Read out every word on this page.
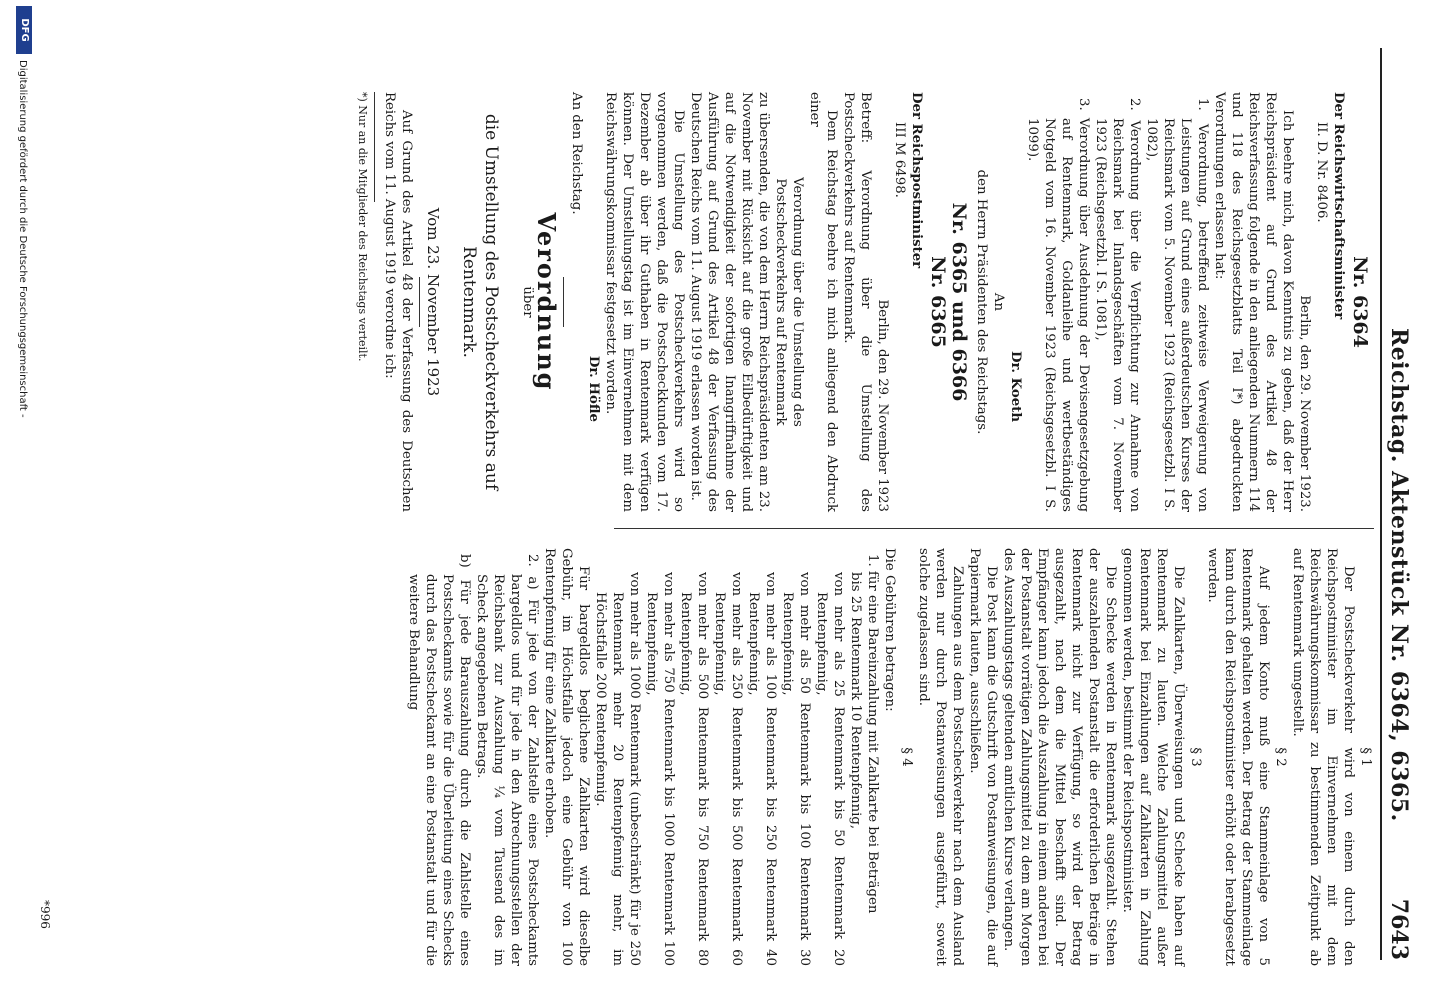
Reichstag. Aktenstück Nr. 6364, 6365.
7643

Nr. 6364

Der Reichswirtschaftsminister

II. D. Nr. 8406.

Berlin, den 29. November 1923.

Ich beehre mich, davon Kenntnis zu geben, daß der Herr Reichspräsident auf Grund des Artikel 48 der Reichsverfassung folgende in den anliegenden Nummern 114 und 118 des Reichsgesetzblatts Teil I*) abgedruckten Verordnungen erlassen hat:

1. Verordnung, betreffend zeitweise Verweigerung von Leistungen auf Grund eines außerdeutschen Kurses der Reichsmark vom 5. November 1923 (Reichsgesetzbl. I S. 1082),

2. Verordnung über die Verpflichtung zur Annahme von Reichsmark bei Inlandsgeschäften vom 7. November 1923 (Reichsgesetzbl. I S. 1081),

3. Verordnung über Ausdehnung der Devisengesetzgebung auf Rentenmark, Goldanleihe und wertbeständiges Notgeld vom 16. November 1923 (Reichsgesetzbl. I S. 1099).

Dr. Koeth

An

den Herrn Präsidenten des Reichstags.

Nr. 6365 und 6366

Nr. 6365

Der Reichspostminister

III M 6498.

Berlin, den 29. November 1923

Betreff: Verordnung über die Umstellung des Postscheckverkehrs auf Rentenmark.

Dem Reichstag beehre ich mich anliegend den Abdruck einer

Verordnung über die Umstellung des Postscheckverkehrs auf Rentenmark

zu übersenden, die von dem Herrn Reichspräsidenten am 23. November mit Rücksicht auf die große Eilbedürftigkeit und auf die Notwendigkeit der sofortigen Inangriffnahme der Ausführung auf Grund des Artikel 48 der Verfassung des Deutschen Reichs vom 11. August 1919 erlassen worden ist.

Die Umstellung des Postscheckverkehrs wird so vorgenommen werden, daß die Postscheckkunden vom 17. Dezember ab über ihr Guthaben in Rentenmark verfügen können. Der Umstellungstag ist im Einvernehmen mit dem Reichswährungskommissar festgesetzt worden.

Dr. Höfle

An den Reichstag.

Verordnung

über

die Umstellung des Postscheckverkehrs auf Rentenmark.

Vom 23. November 1923

Auf Grund des Artikel 48 der Verfassung des Deutschen Reichs vom 11. August 1919 verordne ich:

*) Nur an die Mitglieder des Reichstags verteilt.

§ 1

Der Postscheckverkehr wird von einem durch den Reichspostminister im Einvernehmen mit dem Reichswährungskommissar zu bestimmenden Zeitpunkt ab auf Rentenmark umgestellt.

§ 2

Auf jedem Konto muß eine Stammeinlage von 5 Rentenmark gehalten werden. Der Betrag der Stammeinlage kann durch den Reichspostminister erhöht oder herabgesetzt werden.

§ 3

Die Zahlkarten, Überweisungen und Schecke haben auf Rentenmark zu lauten. Welche Zahlungsmittel außer Rentenmark bei Einzahlungen auf Zahlkarten in Zahlung genommen werden, bestimmt der Reichspostminister.

Die Schecke werden in Rentenmark ausgezahlt. Stehen der auszahlenden Postanstalt die erforderlichen Beträge in Rentenmark nicht zur Verfügung, so wird der Betrag ausgezahlt, nach dem die Mittel beschafft sind. Der Empfänger kann jedoch die Auszahlung in einem anderen bei der Postanstalt vorrätigen Zahlungsmittel zu dem am Morgen des Auszahlungstags geltenden amtlichen Kurse verlangen.

Die Post kann die Gutschrift von Postanweisungen, die auf Papiermark lauten, ausschließen.

Zahlungen aus dem Postscheckverkehr nach dem Ausland werden nur durch Postanweisungen ausgeführt, soweit solche zugelassen sind.

§ 4

Die Gebühren betragen:

1. für eine Bareinzahlung mit Zahlkarte bei Beträgen

bis 25 Rentenmark 10 Rentenpfennig,

von mehr als 25 Rentenmark bis 50 Rentenmark 20 Rentenpfennig,

von mehr als 50 Rentenmark bis 100 Rentenmark 30 Rentenpfennig,

von mehr als 100 Rentenmark bis 250 Rentenmark 40 Rentenpfennig,

von mehr als 250 Rentenmark bis 500 Rentenmark 60 Rentenpfennig,

von mehr als 500 Rentenmark bis 750 Rentenmark 80 Rentenpfennig,

von mehr als 750 Rentenmark bis 1000 Rentenmark 100 Rentenpfennig,

von mehr als 1000 Rentenmark (unbeschränkt) für je 250 Rentenmark mehr 20 Rentenpfennig mehr, im Höchstfalle 200 Rentenpfennig.

Für bargeldlos beglichene Zahlkarten wird dieselbe Gebühr, im Höchstfalle jedoch eine Gebühr von 100 Rentenpfennig für eine Zahlkarte erhoben.

2. a) Für jede von der Zahlstelle eines Postscheckamts bargeldlos und für jede in den Abrechnungsstellen der Reichsbank zur Auszahlung ¼ vom Tausend des im Scheck angegebenen Betrags.

b) Für jede Barauszahlung durch die Zahlstelle eines Postscheckamts sowie für die Überleitung eines Schecks durch das Postscheckamt an eine Postanstalt und für die weitere Behandlung

*996
DFG
Digitalisierung gefördert durch die Deutsche Forschungsgemeinschaft -
